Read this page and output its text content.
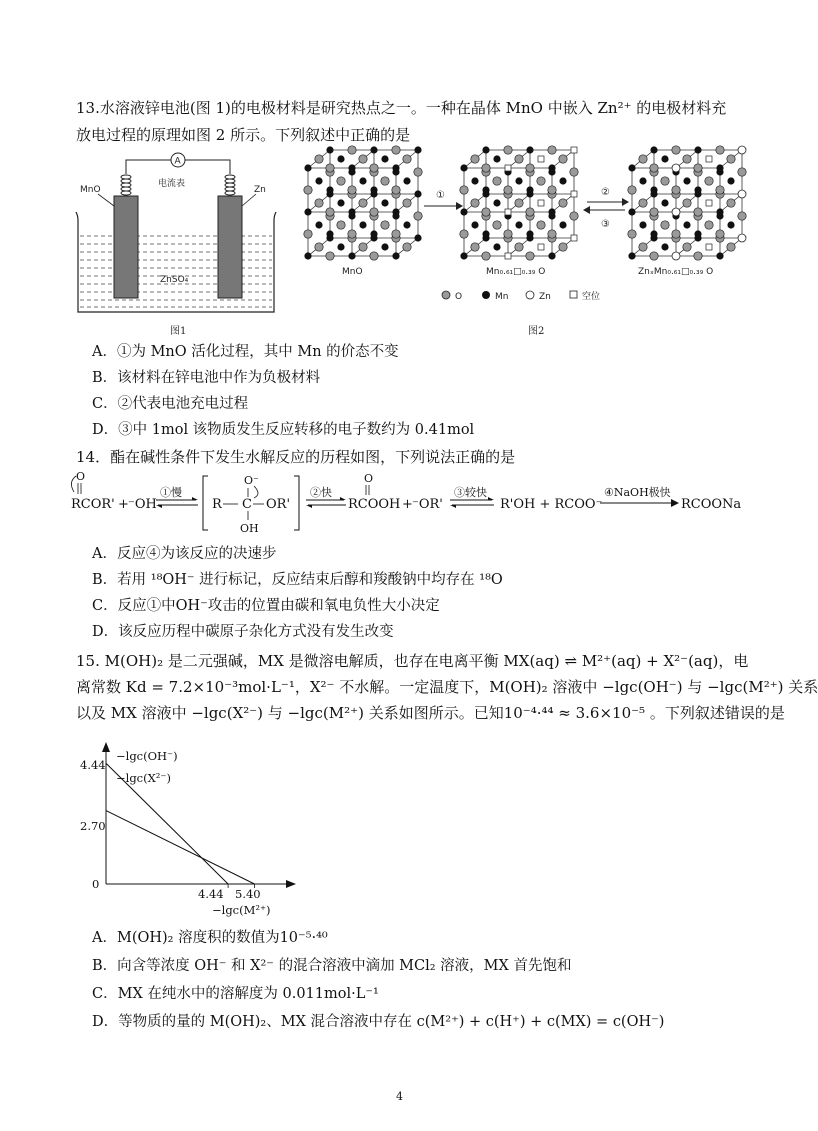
13.水溶液锌电池(图 1)的电极材料是研究热点之一。一种在晶体 MnO 中嵌入 Zn²⁺ 的电极材料充
放电过程的原理如图 2 所示。下列叙述中正确的是
A
电流表
MnO	Zn
ZnSO₄
图1
①	②
③
MnO	Mn₀.₆₁□₀.₃₉ O	ZnₓMn₀.₆₁□₀.₃₉ O
O	Mn	Zn	空位
图2
A．①为 MnO 活化过程，其中 Mn 的价态不变
B．该材料在锌电池中作为负极材料
C．②代表电池充电过程
D．③中 1mol 该物质发生反应转移的电子数约为 0.41mol
14．酯在碱性条件下发生水解反应的历程如图，下列说法正确的是
O
RCOR' + ⁻OH
①慢
O⁻
R C OR'
OH
②快
O
RCOOH + ⁻OR'
③较快
R'OH + RCOO⁻
④NaOH极快
RCOONa
A．反应④为该反应的决速步
B．若用 ¹⁸OH⁻ 进行标记，反应结束后醇和羧酸钠中均存在 ¹⁸O
C．反应①中OH⁻攻击的位置由碳和氧电负性大小决定
D．该反应历程中碳原子杂化方式没有发生改变
15. M(OH)₂ 是二元强碱，MX 是微溶电解质，也存在电离平衡 MX(aq) ⇌ M²⁺(aq) + X²⁻(aq)，电
离常数 Kd = 7.2×10⁻³mol·L⁻¹，X²⁻ 不水解。一定温度下，M(OH)₂ 溶液中 −lgc(OH⁻) 与 −lgc(M²⁺) 关系
以及 MX 溶液中 −lgc(X²⁻) 与 −lgc(M²⁺) 关系如图所示。已知10⁻⁴·⁴⁴ ≈ 3.6×10⁻⁵ 。下列叙述错误的是
−lgc(OH⁻)
−lgc(X²⁻)
4.44
2.70
0
4.44 5.40
−lgc(M²⁺)
A．M(OH)₂ 溶度积的数值为10⁻⁵·⁴⁰
B．向含等浓度 OH⁻ 和 X²⁻ 的混合溶液中滴加 MCl₂ 溶液，MX 首先饱和
C．MX 在纯水中的溶解度为 0.011mol·L⁻¹
D．等物质的量的 M(OH)₂、MX 混合溶液中存在 c(M²⁺) + c(H⁺) + c(MX) = c(OH⁻)
4
